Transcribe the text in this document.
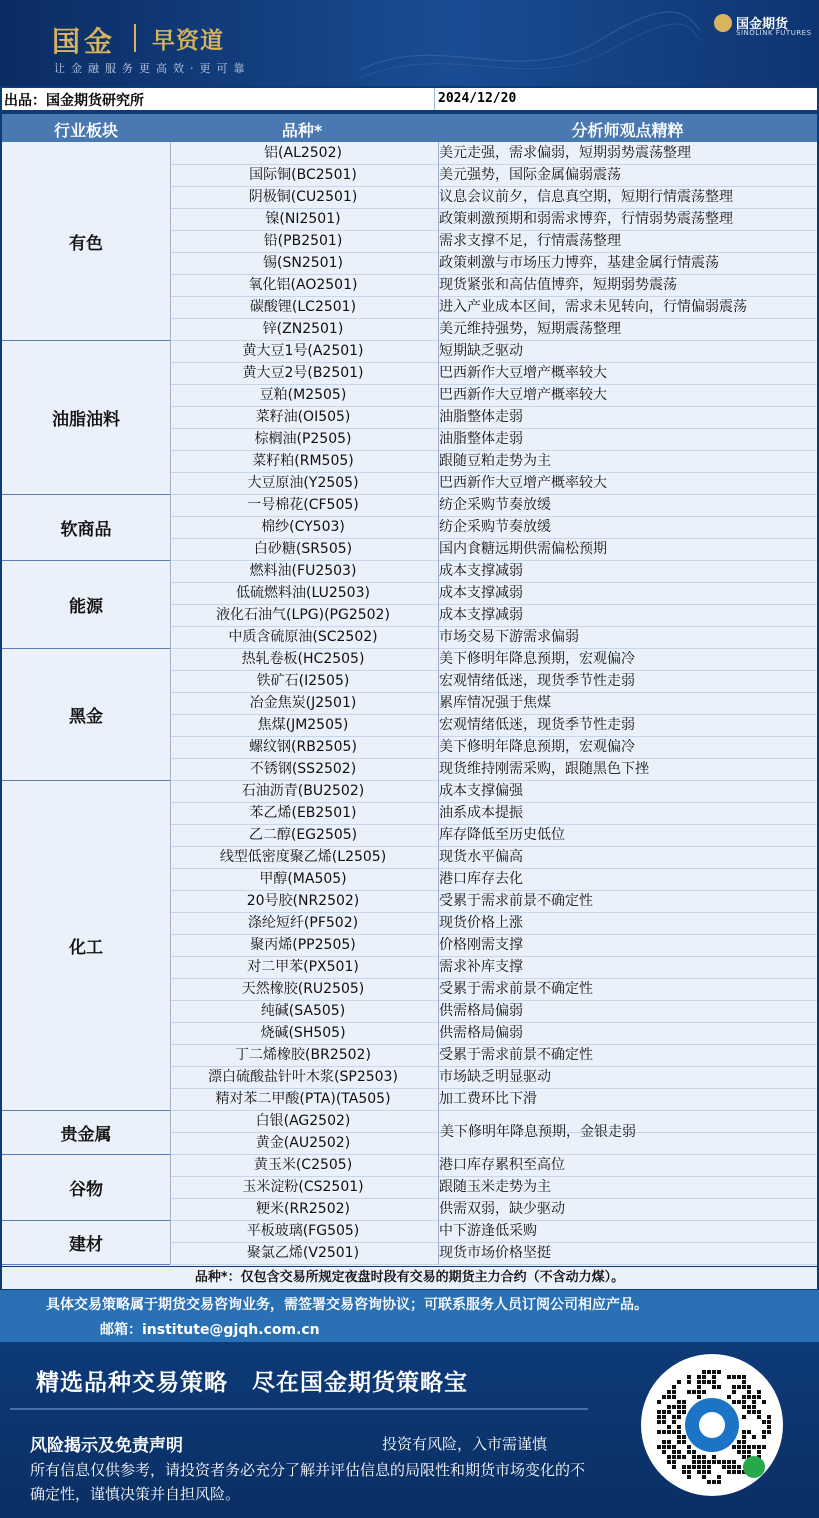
国金 早资道
让金融服务更高效·更可靠
国金期货
SINOLINK FUTURES
出品：国金期货研究所	2024/12/20
行业板块	品种*	分析师观点精粹
有色
铝(AL2502)	美元走强，需求偏弱，短期弱势震荡整理
国际铜(BC2501)	美元强势，国际金属偏弱震荡
阴极铜(CU2501)	议息会议前夕，信息真空期，短期行情震荡整理
镍(NI2501)	政策刺激预期和弱需求博弈，行情弱势震荡整理
铅(PB2501)	需求支撑不足，行情震荡整理
锡(SN2501)	政策刺激与市场压力博弈，基建金属行情震荡
氧化铝(AO2501)	现货紧张和高估值博弈，短期弱势震荡
碳酸锂(LC2501)	进入产业成本区间，需求未见转向，行情偏弱震荡
锌(ZN2501)	美元维持强势，短期震荡整理
油脂油料
黄大豆1号(A2501)	短期缺乏驱动
黄大豆2号(B2501)	巴西新作大豆增产概率较大
豆粕(M2505)	巴西新作大豆增产概率较大
菜籽油(OI505)	油脂整体走弱
棕榈油(P2505)	油脂整体走弱
菜籽粕(RM505)	跟随豆粕走势为主
大豆原油(Y2505)	巴西新作大豆增产概率较大
软商品
一号棉花(CF505)	纺企采购节奏放缓
棉纱(CY503)	纺企采购节奏放缓
白砂糖(SR505)	国内食糖远期供需偏松预期
能源
燃料油(FU2503)	成本支撑减弱
低硫燃料油(LU2503)	成本支撑减弱
液化石油气(LPG)(PG2502)	成本支撑减弱
中质含硫原油(SC2502)	市场交易下游需求偏弱
黑金
热轧卷板(HC2505)	美下修明年降息预期，宏观偏冷
铁矿石(I2505)	宏观情绪低迷，现货季节性走弱
冶金焦炭(J2501)	累库情况强于焦煤
焦煤(JM2505)	宏观情绪低迷，现货季节性走弱
螺纹钢(RB2505)	美下修明年降息预期，宏观偏冷
不锈钢(SS2502)	现货维持刚需采购，跟随黑色下挫
化工
石油沥青(BU2502)	成本支撑偏强
苯乙烯(EB2501)	油系成本提振
乙二醇(EG2505)	库存降低至历史低位
线型低密度聚乙烯(L2505)	现货水平偏高
甲醇(MA505)	港口库存去化
20号胶(NR2502)	受累于需求前景不确定性
涤纶短纤(PF502)	现货价格上涨
聚丙烯(PP2505)	价格刚需支撑
对二甲苯(PX501)	需求补库支撑
天然橡胶(RU2505)	受累于需求前景不确定性
纯碱(SA505)	供需格局偏弱
烧碱(SH505)	供需格局偏弱
丁二烯橡胶(BR2502)	受累于需求前景不确定性
漂白硫酸盐针叶木浆(SP2503)	市场缺乏明显驱动
精对苯二甲酸(PTA)(TA505)	加工费环比下滑
贵金属
白银(AG2502)
黄金(AU2502)
美下修明年降息预期，金银走弱
谷物
黄玉米(C2505)	港口库存累积至高位
玉米淀粉(CS2501)	跟随玉米走势为主
粳米(RR2502)	供需双弱，缺少驱动
建材
平板玻璃(FG505)	中下游逢低采购
聚氯乙烯(V2501)	现货市场价格坚挺
品种*：仅包含交易所规定夜盘时段有交易的期货主力合约（不含动力煤）。
具体交易策略属于期货交易咨询业务，需签署交易咨询协议；可联系服务人员订阅公司相应产品。
邮箱：institute@gjqh.com.cn
精选品种交易策略　尽在国金期货策略宝
风险揭示及免责声明	投资有风险，入市需谨慎
所有信息仅供参考，请投资者务必充分了解并评估信息的局限性和期货市场变化的不确定性，谨慎决策并自担风险。
